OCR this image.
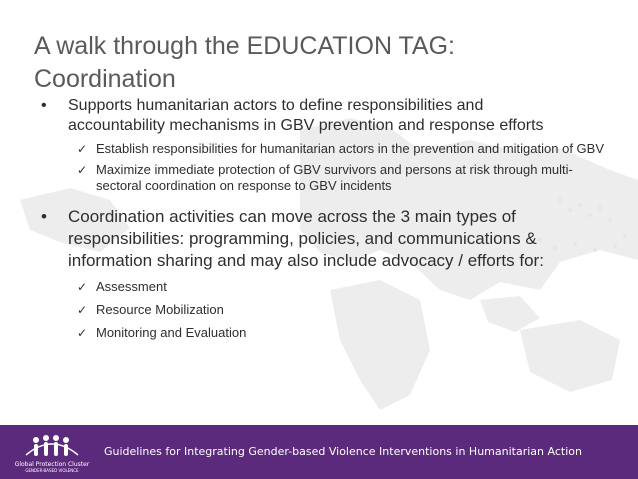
A walk through the EDUCATION TAG:
Coordination
• Supports humanitarian actors to define responsibilities and accountability mechanisms in GBV prevention and response efforts
✓ Establish responsibilities for humanitarian actors in the prevention and mitigation of GBV
✓ Maximize immediate protection of GBV survivors and persons at risk through multi-sectoral coordination on response to GBV incidents
• Coordination activities can move across the 3 main types of responsibilities: programming, policies, and communications & information sharing and may also include advocacy / efforts for:
✓ Assessment
✓ Resource Mobilization
✓ Monitoring and Evaluation
Global Protection Cluster
GENDER-BASED VIOLENCE
Guidelines for Integrating Gender-based Violence Interventions in Humanitarian Action
